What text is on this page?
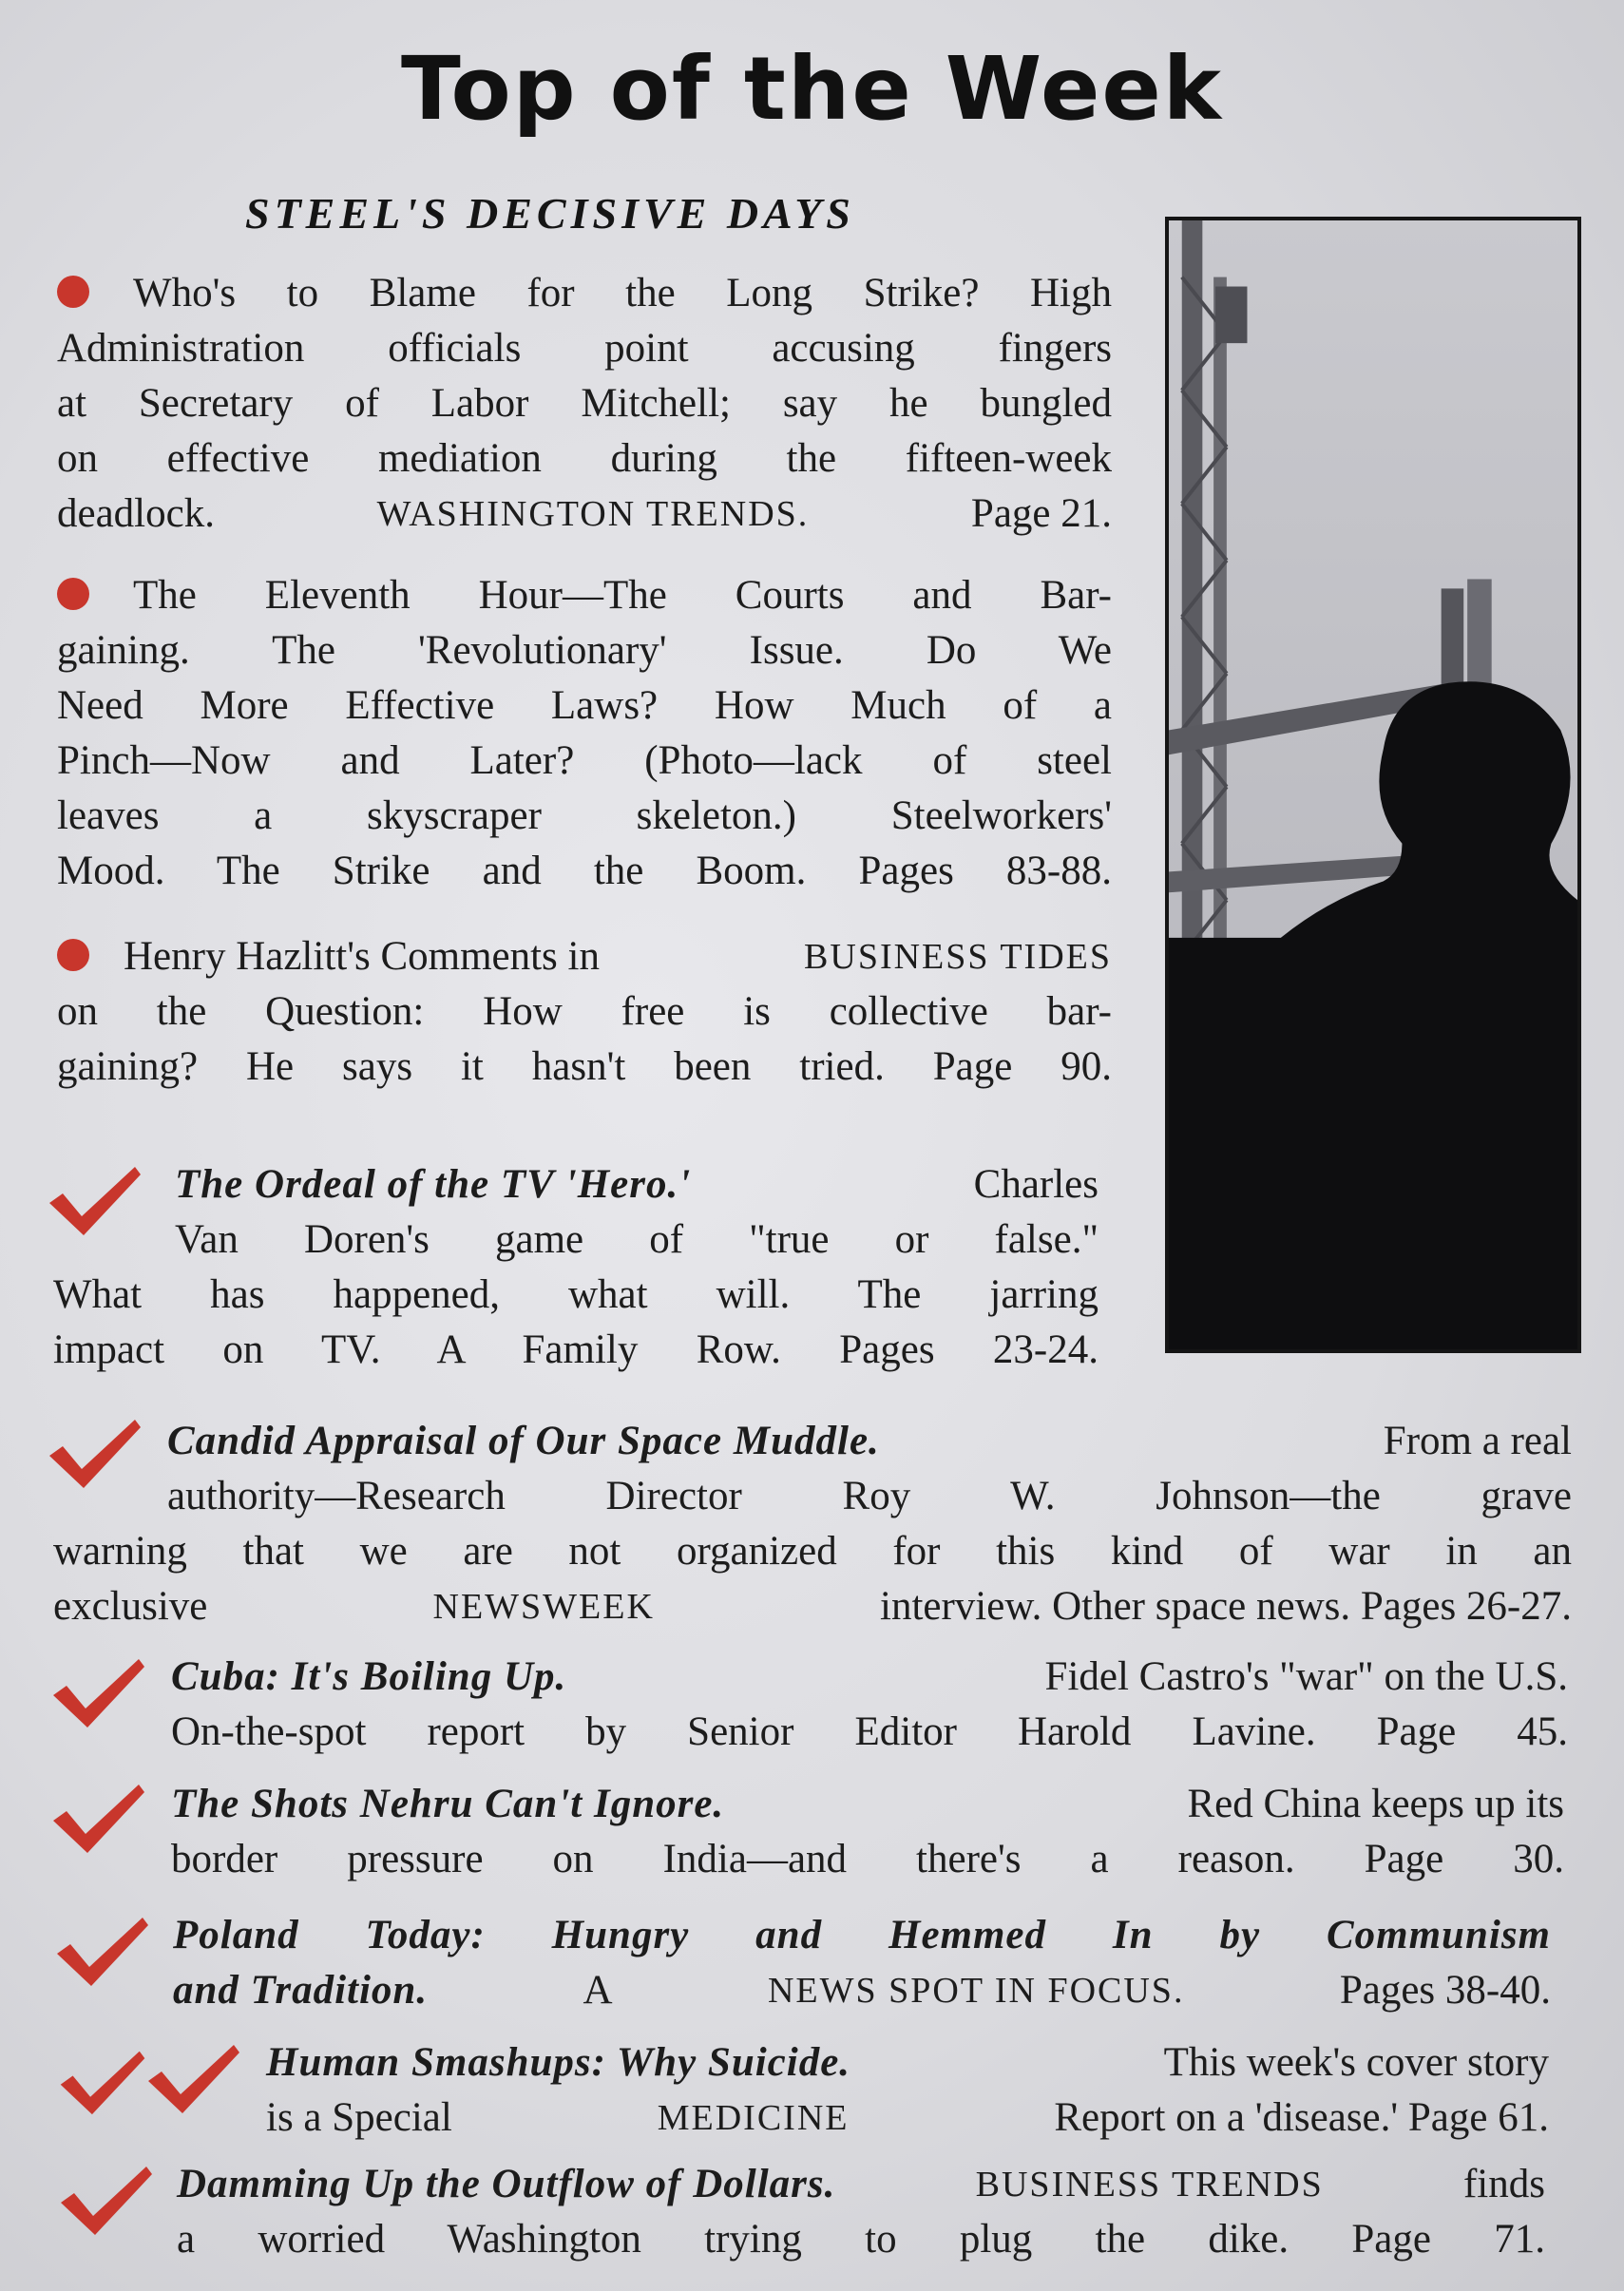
Top of the Week
STEEL'S DECISIVE DAYS
Who's to Blame for the Long Strike? High
Administration officials point accusing fingers
at Secretary of Labor Mitchell; say he bungled
on effective mediation during the fifteen-week
deadlock.	WASHINGTON TRENDS.	Page 21.
The Eleventh Hour—The Courts and Bar-
gaining. The 'Revolutionary' Issue. Do We
Need More Effective Laws? How Much of a
Pinch—Now and Later? (Photo—lack of steel
leaves a skyscraper skeleton.) Steelworkers'
Mood. The Strike and the Boom. Pages 83-88.
Henry Hazlitt's Comments in	BUSINESS TIDES
on the Question: How free is collective bar-
gaining? He says it hasn't been tried. Page 90.
The Ordeal of the TV 'Hero.'	Charles
Van Doren's game of "true or false."
What has happened, what will. The jarring
impact on TV. A Family Row. Pages 23-24.
Candid Appraisal of Our Space Muddle.	From a real
authority—Research Director Roy W. Johnson—the grave
warning that we are not organized for this kind of war in an
exclusive	NEWSWEEK	interview. Other space news. Pages 26-27.
Cuba: It's Boiling Up.	Fidel Castro's "war" on the U.S.
On-the-spot report by Senior Editor Harold Lavine. Page 45.
The Shots Nehru Can't Ignore.	Red China keeps up its
border pressure on India—and there's a reason. Page 30.
Poland Today: Hungry and Hemmed In by Communism
and Tradition.	A	NEWS SPOT IN FOCUS.	Pages 38-40.
Human Smashups: Why Suicide.	This week's cover story
is a Special	MEDICINE	Report on a 'disease.' Page 61.
Damming Up the Outflow of Dollars.	BUSINESS TRENDS	finds
a worried Washington trying to plug the dike. Page 71.
